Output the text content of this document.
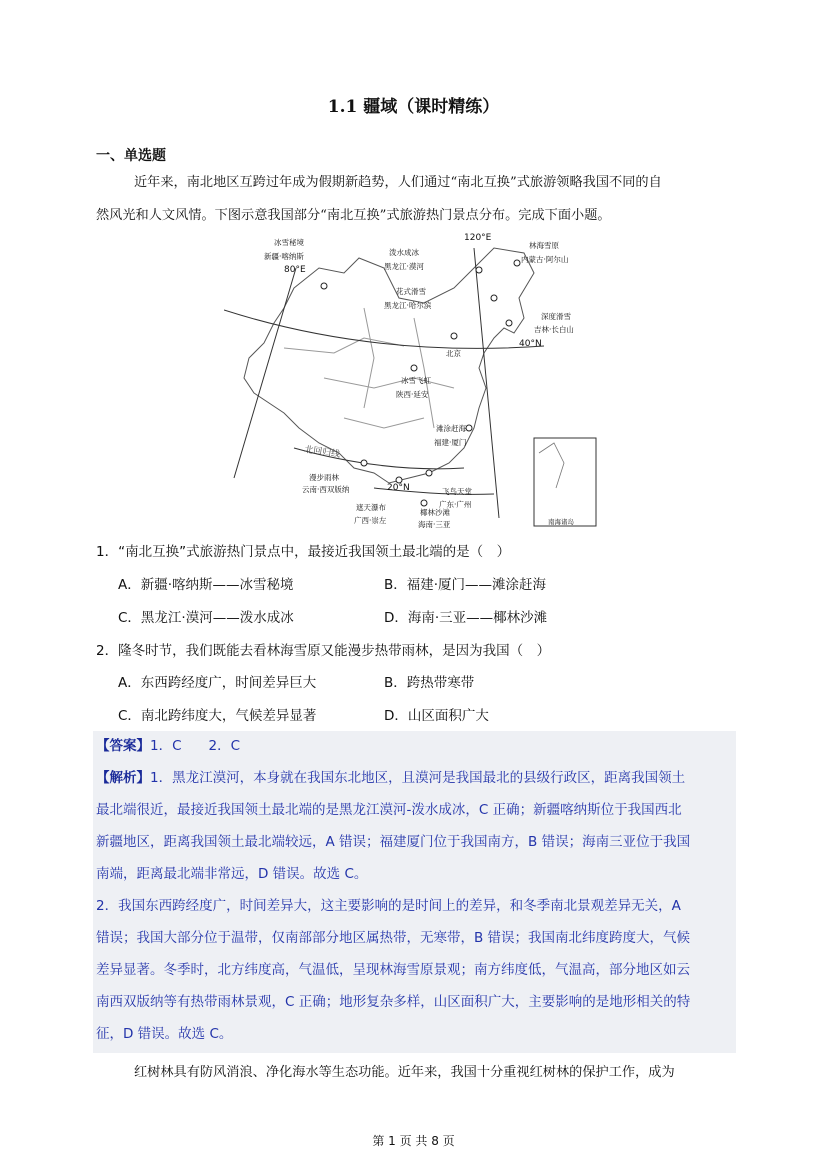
1.1 疆域（课时精练）
一、单选题
近年来，南北地区互跨过年成为假期新趋势，人们通过“南北互换”式旅游领略我国不同的自
然风光和人文风情。下图示意我国部分“南北互换”式旅游热门景点分布。完成下面小题。
冰雪秘境
新疆·喀纳斯
80°E
泼水成冰
黑龙江·漠河
120°E
林海雪原
内蒙古·阿尔山
花式滑雪
黑龙江·哈尔滨
深度滑雪
吉林·长白山
40°N
北京
冰雪飞虹
陕西·延安
滩涂赶海
福建·厦门
北回归线
漫步雨林
云南·西双版纳	20°N	飞鸟天堂
广东·广州
遮天瀑布
广西·崇左
椰林沙滩
海南·三亚	南海诸岛
1．“南北互换”式旅游热门景点中，最接近我国领土最北端的是（　）
A．新疆·喀纳斯——冰雪秘境	B．福建·厦门——滩涂赶海
C．黑龙江·漠河——泼水成冰	D．海南·三亚——椰林沙滩
2．隆冬时节，我们既能去看林海雪原又能漫步热带雨林，是因为我国（　）
A．东西跨经度广，时间差异巨大	B．跨热带寒带
C．南北跨纬度大，气候差异显著	D．山区面积广大
【答案】1．C　　2．C
【解析】1．黑龙江漠河，本身就在我国东北地区，且漠河是我国最北的县级行政区，距离我国领土
最北端很近，最接近我国领土最北端的是黑龙江漠河-泼水成冰，C 正确；新疆喀纳斯位于我国西北
新疆地区，距离我国领土最北端较远，A 错误；福建厦门位于我国南方，B 错误；海南三亚位于我国
南端，距离最北端非常远，D 错误。故选 C。
2．我国东西跨经度广，时间差异大，这主要影响的是时间上的差异，和冬季南北景观差异无关，A
错误；我国大部分位于温带，仅南部部分地区属热带，无寒带，B 错误；我国南北纬度跨度大，气候
差异显著。冬季时，北方纬度高，气温低，呈现林海雪原景观；南方纬度低，气温高，部分地区如云
南西双版纳等有热带雨林景观，C 正确；地形复杂多样，山区面积广大，主要影响的是地形相关的特
征，D 错误。故选 C。
红树林具有防风消浪、净化海水等生态功能。近年来，我国十分重视红树林的保护工作，成为
第 1 页 共 8 页
